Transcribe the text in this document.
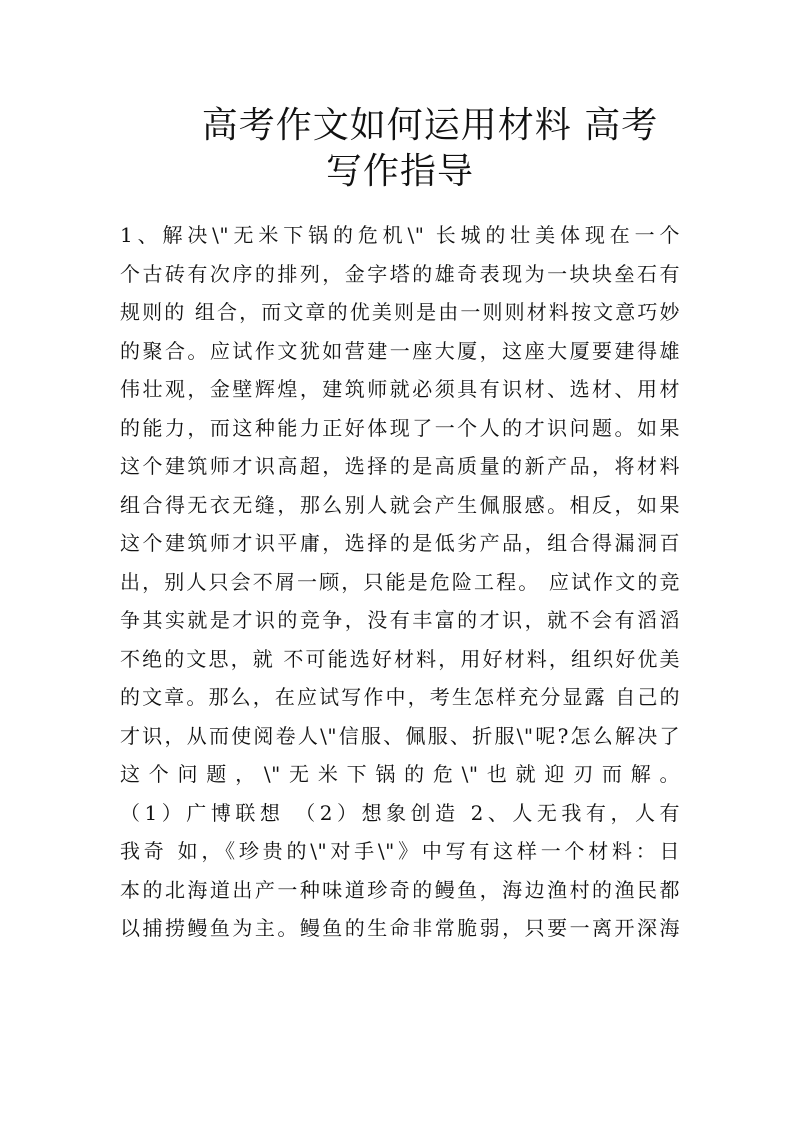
高考作文如何运用材料 高考
写作指导
1、解决\"无米下锅的危机\" 长城的壮美体现在一个
个古砖有次序的排列，金字塔的雄奇表现为一块块垒石有
规则的 组合，而文章的优美则是由一则则材料按文意巧妙
的聚合。应试作文犹如营建一座大厦，这座大厦要建得雄
伟壮观，金壁辉煌，建筑师就必须具有识材、选材、用材
的能力，而这种能力正好体现了一个人的才识问题。如果
这个建筑师才识高超，选择的是高质量的新产品，将材料
组合得无衣无缝，那么别人就会产生佩服感。相反，如果
这个建筑师才识平庸，选择的是低劣产品，组合得漏洞百
出，别人只会不屑一顾，只能是危险工程。 应试作文的竞
争其实就是才识的竞争，没有丰富的才识，就不会有滔滔
不绝的文思，就 不可能选好材料，用好材料，组织好优美
的文章。那么，在应试写作中，考生怎样充分显露 自己的
才识，从而使阅卷人\"信服、佩服、折服\"呢?怎么解决了
这个问题，\"无米下锅的危\"也就迎刃而解。
（1）广博联想 （2）想象创造 2、人无我有，人有
我奇 如，《珍贵的\"对手\"》中写有这样一个材料：日
本的北海道出产一种味道珍奇的鳗鱼，海边渔村的渔民都
以捕捞鳗鱼为主。鳗鱼的生命非常脆弱，只要一离开深海
